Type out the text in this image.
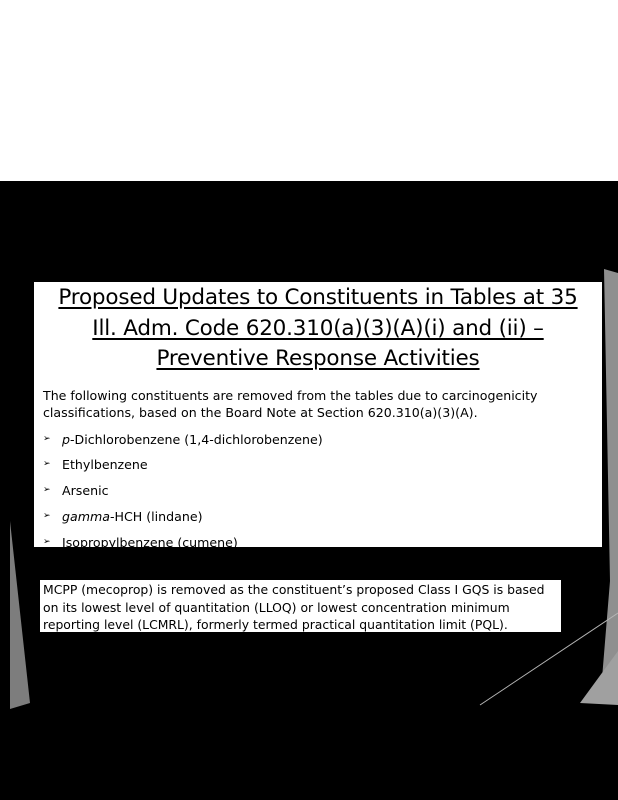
Proposed Updates to Constituents in Tables at 35
Ill. Adm. Code 620.310(a)(3)(A)(i) and (ii) –
Preventive Response Activities
The following constituents are removed from the tables due to carcinogenicity
classifications, based on the Board Note at Section 620.310(a)(3)(A).
➢ p-Dichlorobenzene (1,4-dichlorobenzene)
➢ Ethylbenzene
➢ Arsenic
➢ gamma-HCH (lindane)
➢ Isopropylbenzene (cumene)
MCPP (mecoprop) is removed as the constituent’s proposed Class I GQS is based
on its lowest level of quantitation (LLOQ) or lowest concentration minimum
reporting level (LCMRL), formerly termed practical quantitation limit (PQL).
